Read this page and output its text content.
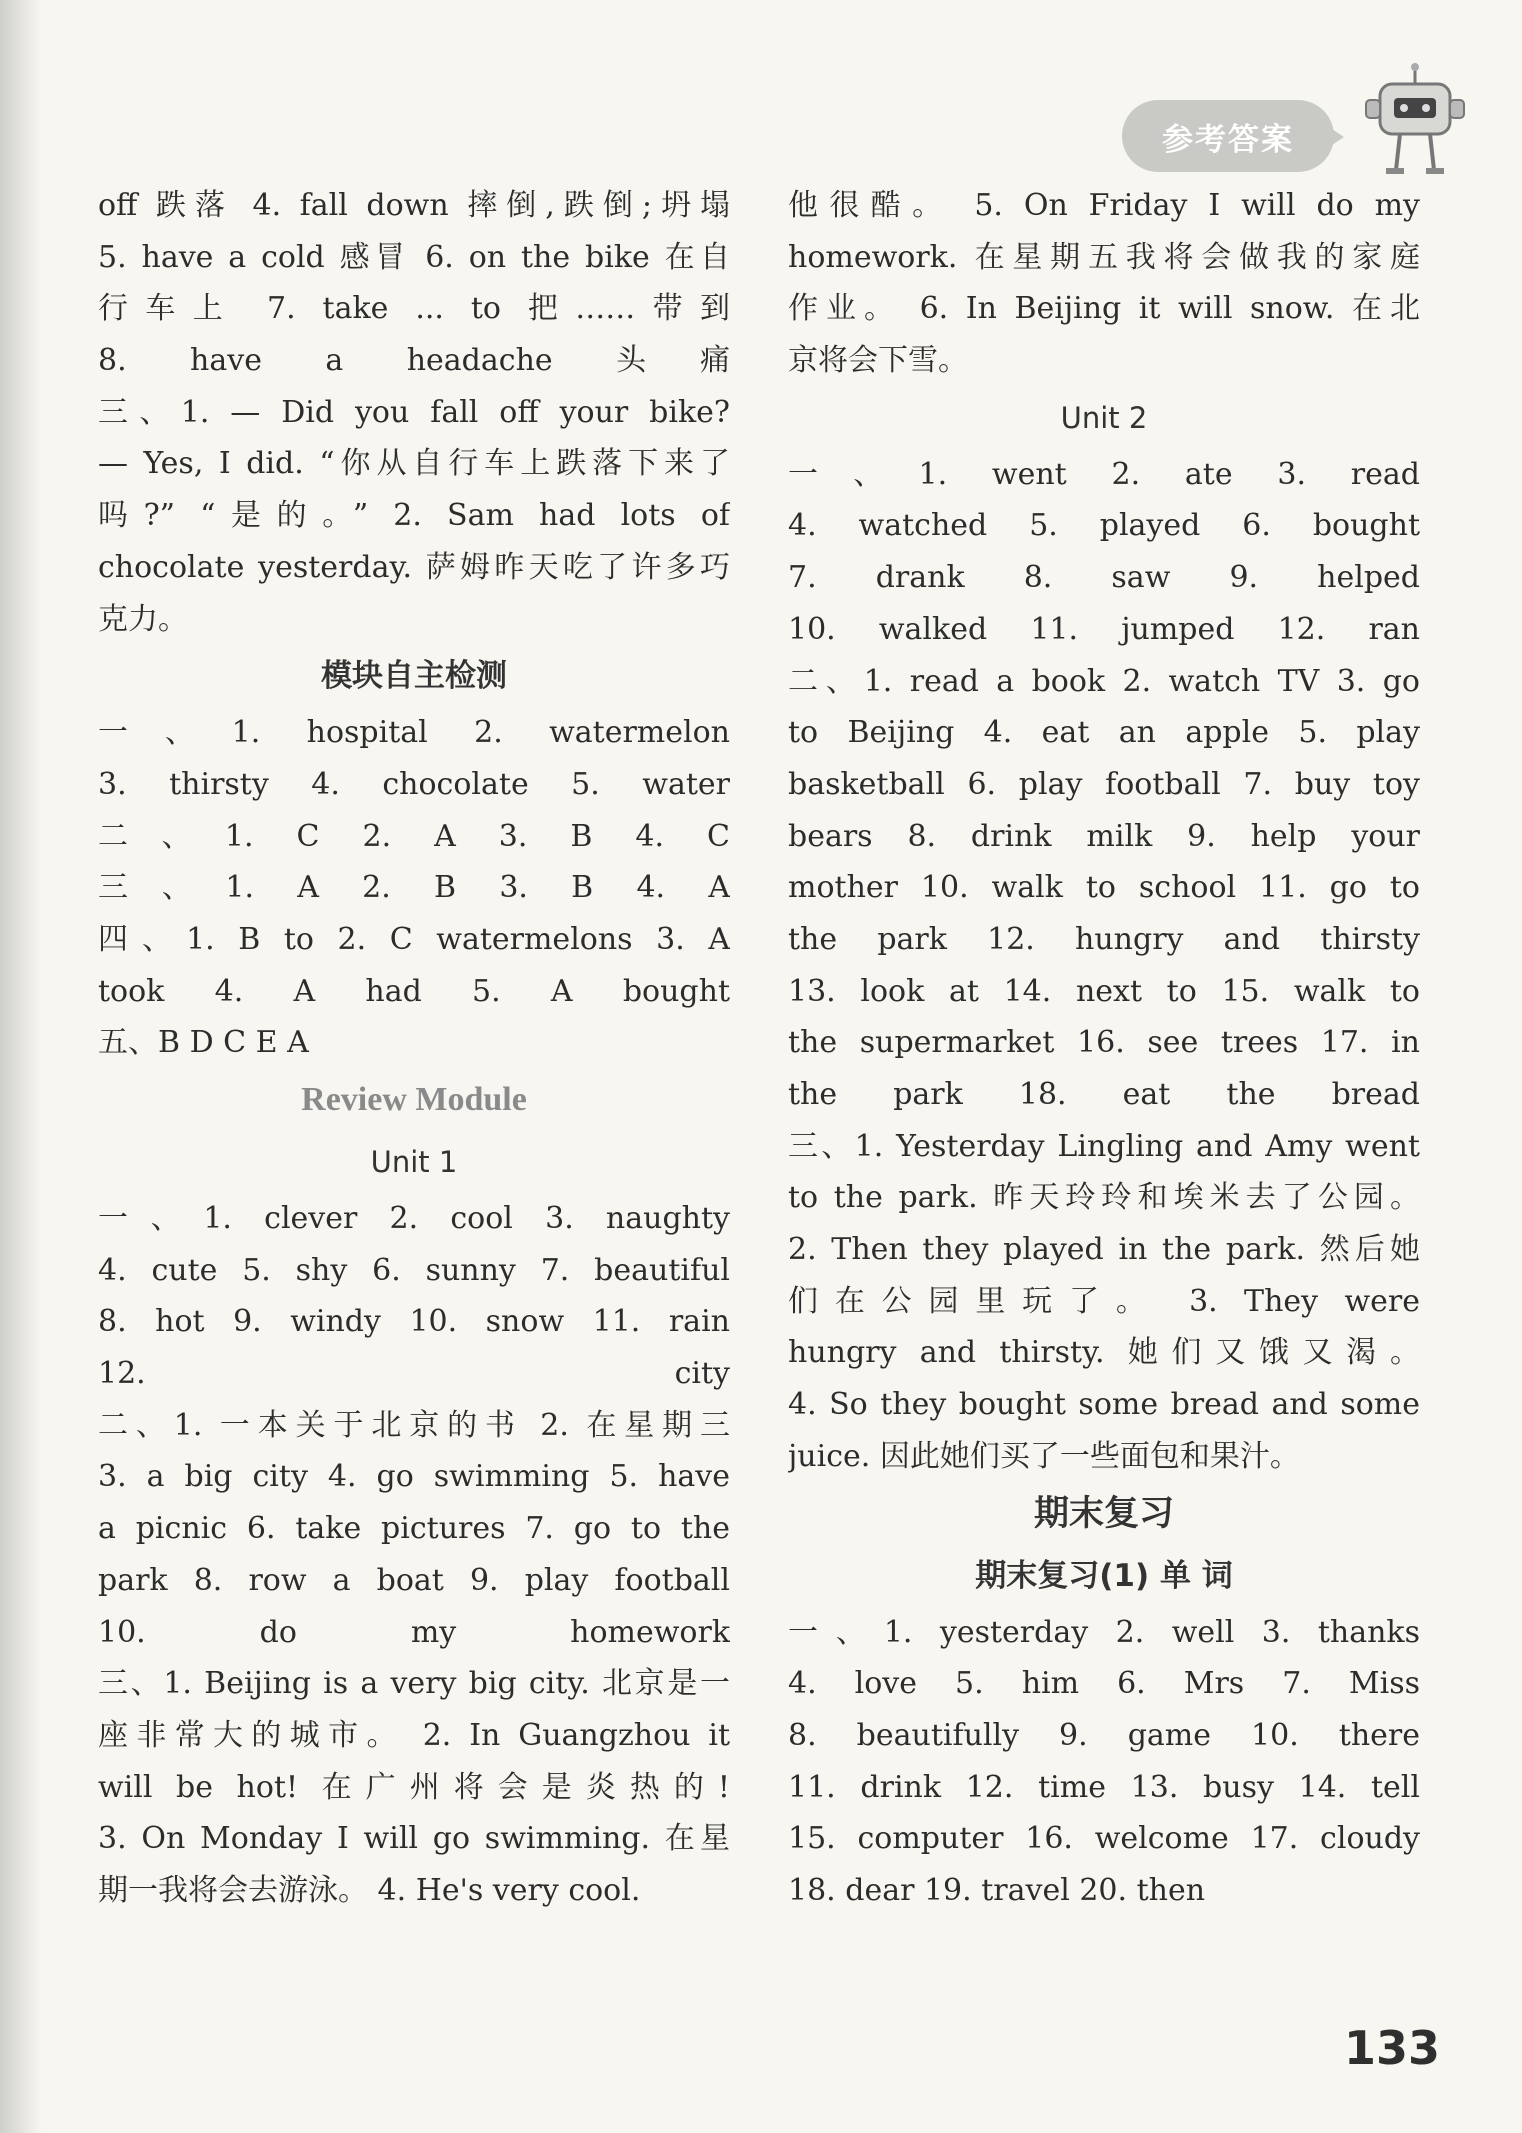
参考答案
off 跌落 4. fall down 摔倒,跌倒;坍塌
5. have a cold 感冒 6. on the bike 在自
行车上 7. take ... to 把……带到
8. have a headache 头痛
三、1. — Did you fall off your bike?
— Yes, I did. “你从自行车上跌落下来了
吗?” “是的。” 2. Sam had lots of
chocolate yesterday. 萨姆昨天吃了许多巧
克力。
模块自主检测
一、1. hospital 2. watermelon
3. thirsty 4. chocolate 5. water
二、1. C 2. A 3. B 4. C
三、1. A 2. B 3. B 4. A
四、1. B to 2. C watermelons 3. A
took 4. A had 5. A bought
五、B D C E A
Review Module
Unit 1
一、1. clever 2. cool 3. naughty
4. cute 5. shy 6. sunny 7. beautiful
8. hot 9. windy 10. snow 11. rain
12. city
二、1. 一本关于北京的书 2. 在星期三
3. a big city 4. go swimming 5. have
a picnic 6. take pictures 7. go to the
park 8. row a boat 9. play football
10. do my homework
三、1. Beijing is a very big city. 北京是一
座非常大的城市。 2. In Guangzhou it
will be hot! 在广州将会是炎热的!
3. On Monday I will go swimming. 在星
期一我将会去游泳。 4. He's very cool.
他很酷。 5. On Friday I will do my
homework. 在星期五我将会做我的家庭
作业。 6. In Beijing it will snow. 在北
京将会下雪。
Unit 2
一、1. went 2. ate 3. read
4. watched 5. played 6. bought
7. drank 8. saw 9. helped
10. walked 11. jumped 12. ran
二、1. read a book 2. watch TV 3. go
to Beijing 4. eat an apple 5. play
basketball 6. play football 7. buy toy
bears 8. drink milk 9. help your
mother 10. walk to school 11. go to
the park 12. hungry and thirsty
13. look at 14. next to 15. walk to
the supermarket 16. see trees 17. in
the park 18. eat the bread
三、1. Yesterday Lingling and Amy went
to the park. 昨天玲玲和埃米去了公园。
2. Then they played in the park. 然后她
们在公园里玩了。 3. They were
hungry and thirsty. 她们又饿又渴。
4. So they bought some bread and some
juice. 因此她们买了一些面包和果汁。
期末复习
期末复习(1) 单 词
一、1. yesterday 2. well 3. thanks
4. love 5. him 6. Mrs 7. Miss
8. beautifully 9. game 10. there
11. drink 12. time 13. busy 14. tell
15. computer 16. welcome 17. cloudy
18. dear 19. travel 20. then
133
